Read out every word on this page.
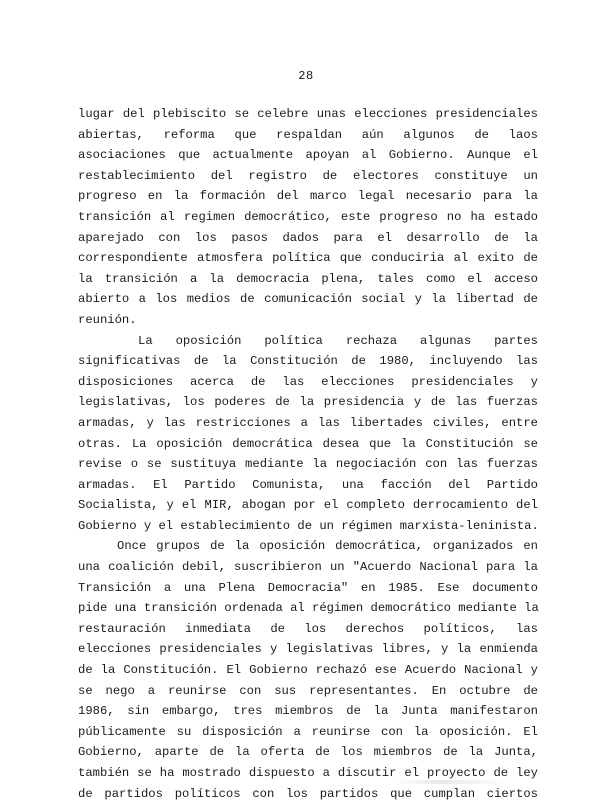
28
lugar del plebiscito se celebre unas elecciones presidenciales
abiertas, reforma que respaldan aún algunos de laos
asociaciones que actualmente apoyan al Gobierno. Aunque el
restablecimiento del registro de electores constituye un
progreso en la formación del marco legal necesario para la
transición al regimen democrático, este progreso no ha estado
aparejado con los pasos dados para el desarrollo de la
correspondiente atmosfera política que conduciria al exito de
la transición a la democracia plena, tales como el acceso
abierto a los medios de comunicación social y la libertad de
reunión.
La oposición política rechaza algunas partes
significativas de la Constitución de 1980, incluyendo las
disposiciones acerca de las elecciones presidenciales y
legislativas, los poderes de la presidencia y de las fuerzas
armadas, y las restricciones a las libertades civiles, entre
otras. La oposición democrática desea que la Constitución se
revise o se sustituya mediante la negociación con las fuerzas
armadas. El Partido Comunista, una facción del Partido
Socialista, y el MIR, abogan por el completo derrocamiento del
Gobierno y el establecimiento de un régimen marxista-leninista.
Once grupos de la oposición democrática, organizados en
una coalición debil, suscribieron un "Acuerdo Nacional para la
Transición a una Plena Democracia" en 1985. Ese documento
pide una transición ordenada al régimen democrático mediante la
restauración inmediata de los derechos políticos, las
elecciones presidenciales y legislativas libres, y la enmienda
de la Constitución. El Gobierno rechazó ese Acuerdo Nacional y
se nego a reunirse con sus representantes. En octubre de
1986, sin embargo, tres miembros de la Junta manifestaron
públicamente su disposición a reunirse con la oposición. El
Gobierno, aparte de la oferta de los miembros de la Junta,
también se ha mostrado dispuesto a discutir el proyecto de ley
de partidos políticos con los partidos que cumplan ciertos
